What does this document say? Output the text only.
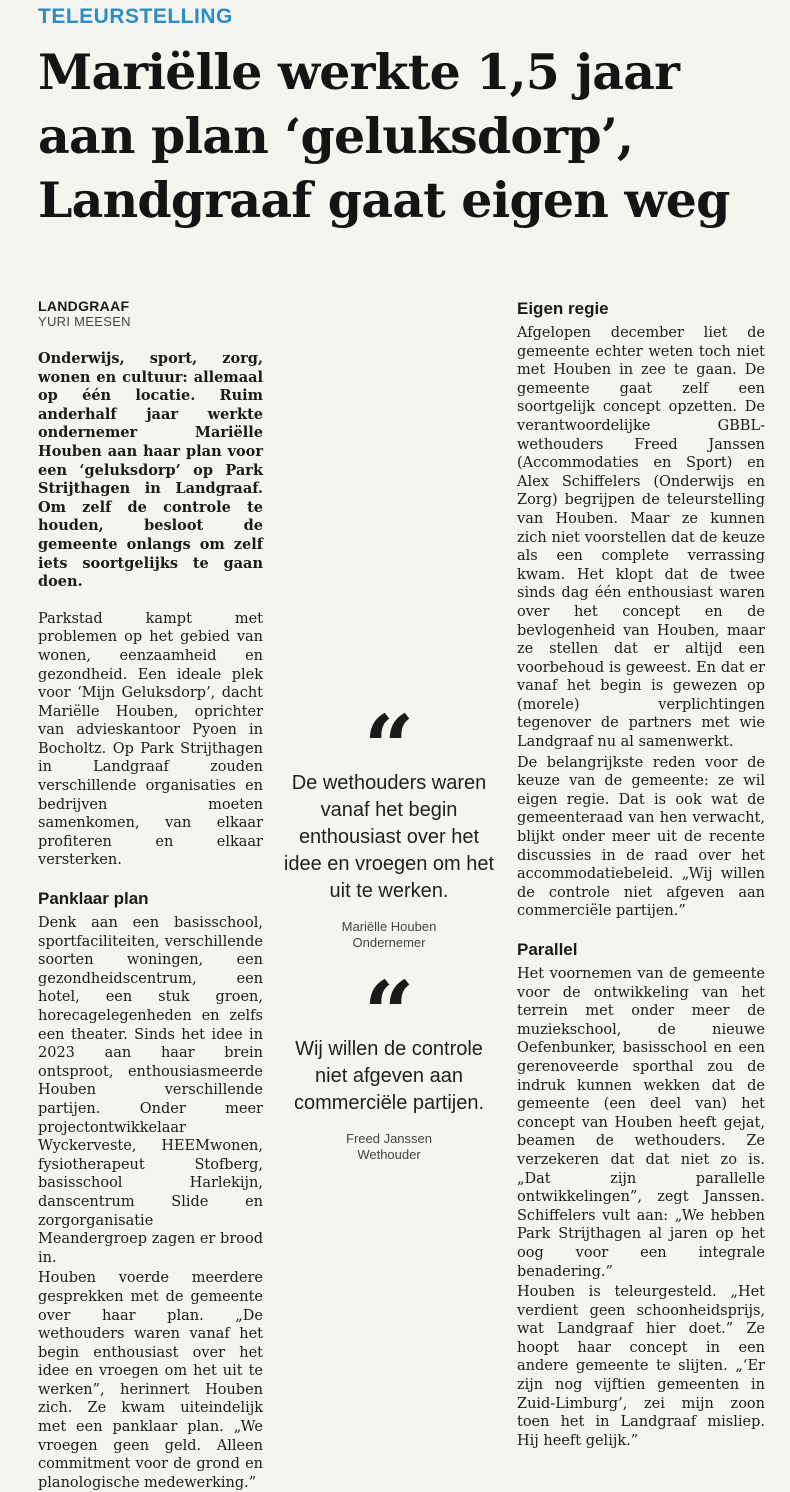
TELEURSTELLING
Mariëlle werkte 1,5 jaar
aan plan ‘geluksdorp’,
Landgraaf gaat eigen weg
LANDGRAAF
YURI MEESEN

Onderwijs, sport, zorg, wonen en cultuur: allemaal op één locatie. Ruim anderhalf jaar werkte ondernemer Mariëlle Houben aan haar plan voor een ‘geluksdorp’ op Park Strijthagen in Landgraaf. Om zelf de controle te houden, besloot de gemeente onlangs om zelf iets soortgelijks te gaan doen.

Parkstad kampt met problemen op het gebied van wonen, eenzaamheid en gezondheid. Een ideale plek voor ‘Mijn Geluksdorp’, dacht Mariëlle Houben, oprichter van advieskantoor Pyoen in Bocholtz. Op Park Strijthagen in Landgraaf zouden verschillende organisaties en bedrijven moeten samenkomen, van elkaar profiteren en elkaar versterken.

Panklaar plan

Denk aan een basisschool, sportfaciliteiten, verschillende soorten woningen, een gezondheidscentrum, een hotel, een stuk groen, horecagelegenheden en zelfs een theater. Sinds het idee in 2023 aan haar brein ontsproot, enthousiasmeerde Houben verschillende partijen. Onder meer projectontwikkelaar Wyckerveste, HEEMwonen, fysiotherapeut Stofberg, basisschool Harlekijn, danscentrum Slide en zorgorganisatie Meandergroep zagen er brood in.

Houben voerde meerdere gesprekken met de gemeente over haar plan. „De wethouders waren vanaf het begin enthousiast over het idee en vroegen om het uit te werken”, herinnert Houben zich. Ze kwam uiteindelijk met een panklaar plan. „We vroegen geen geld. Alleen commitment voor de grond en planologische medewerking.”

“
De wethouders waren vanaf het begin enthousiast over het idee en vroegen om het uit te werken.
Mariëlle Houben
Ondernemer
“
Wij willen de controle niet afgeven aan commerciële partijen.
Freed Janssen
Wethouder
Eigen regie

Afgelopen december liet de gemeente echter weten toch niet met Houben in zee te gaan. De gemeente gaat zelf een soortgelijk concept opzetten. De verantwoordelijke GBBL-wethouders Freed Janssen (Accommodaties en Sport) en Alex Schiffelers (Onderwijs en Zorg) begrijpen de teleurstelling van Houben. Maar ze kunnen zich niet voorstellen dat de keuze als een complete verrassing kwam. Het klopt dat de twee sinds dag één enthousiast waren over het concept en de bevlogenheid van Houben, maar ze stellen dat er altijd een voorbehoud is geweest. En dat er vanaf het begin is gewezen op (morele) verplichtingen tegenover de partners met wie Landgraaf nu al samenwerkt.

De belangrijkste reden voor de keuze van de gemeente: ze wil eigen regie. Dat is ook wat de gemeenteraad van hen verwacht, blijkt onder meer uit de recente discussies in de raad over het accommodatiebeleid. „Wij willen de controle niet afgeven aan commerciële partijen.”

Parallel

Het voornemen van de gemeente voor de ontwikkeling van het terrein met onder meer de muziekschool, de nieuwe Oefenbunker, basisschool en een gerenoveerde sporthal zou de indruk kunnen wekken dat de gemeente (een deel van) het concept van Houben heeft gejat, beamen de wethouders. Ze verzekeren dat dat niet zo is. „Dat zijn parallelle ontwikkelingen”, zegt Janssen. Schiffelers vult aan: „We hebben Park Strijthagen al jaren op het oog voor een integrale benadering.”

Houben is teleurgesteld. „Het verdient geen schoonheidsprijs, wat Landgraaf hier doet.” Ze hoopt haar concept in een andere gemeente te slijten. „‘Er zijn nog vijftien gemeenten in Zuid-Limburg’, zei mijn zoon toen het in Landgraaf misliep. Hij heeft gelijk.”
